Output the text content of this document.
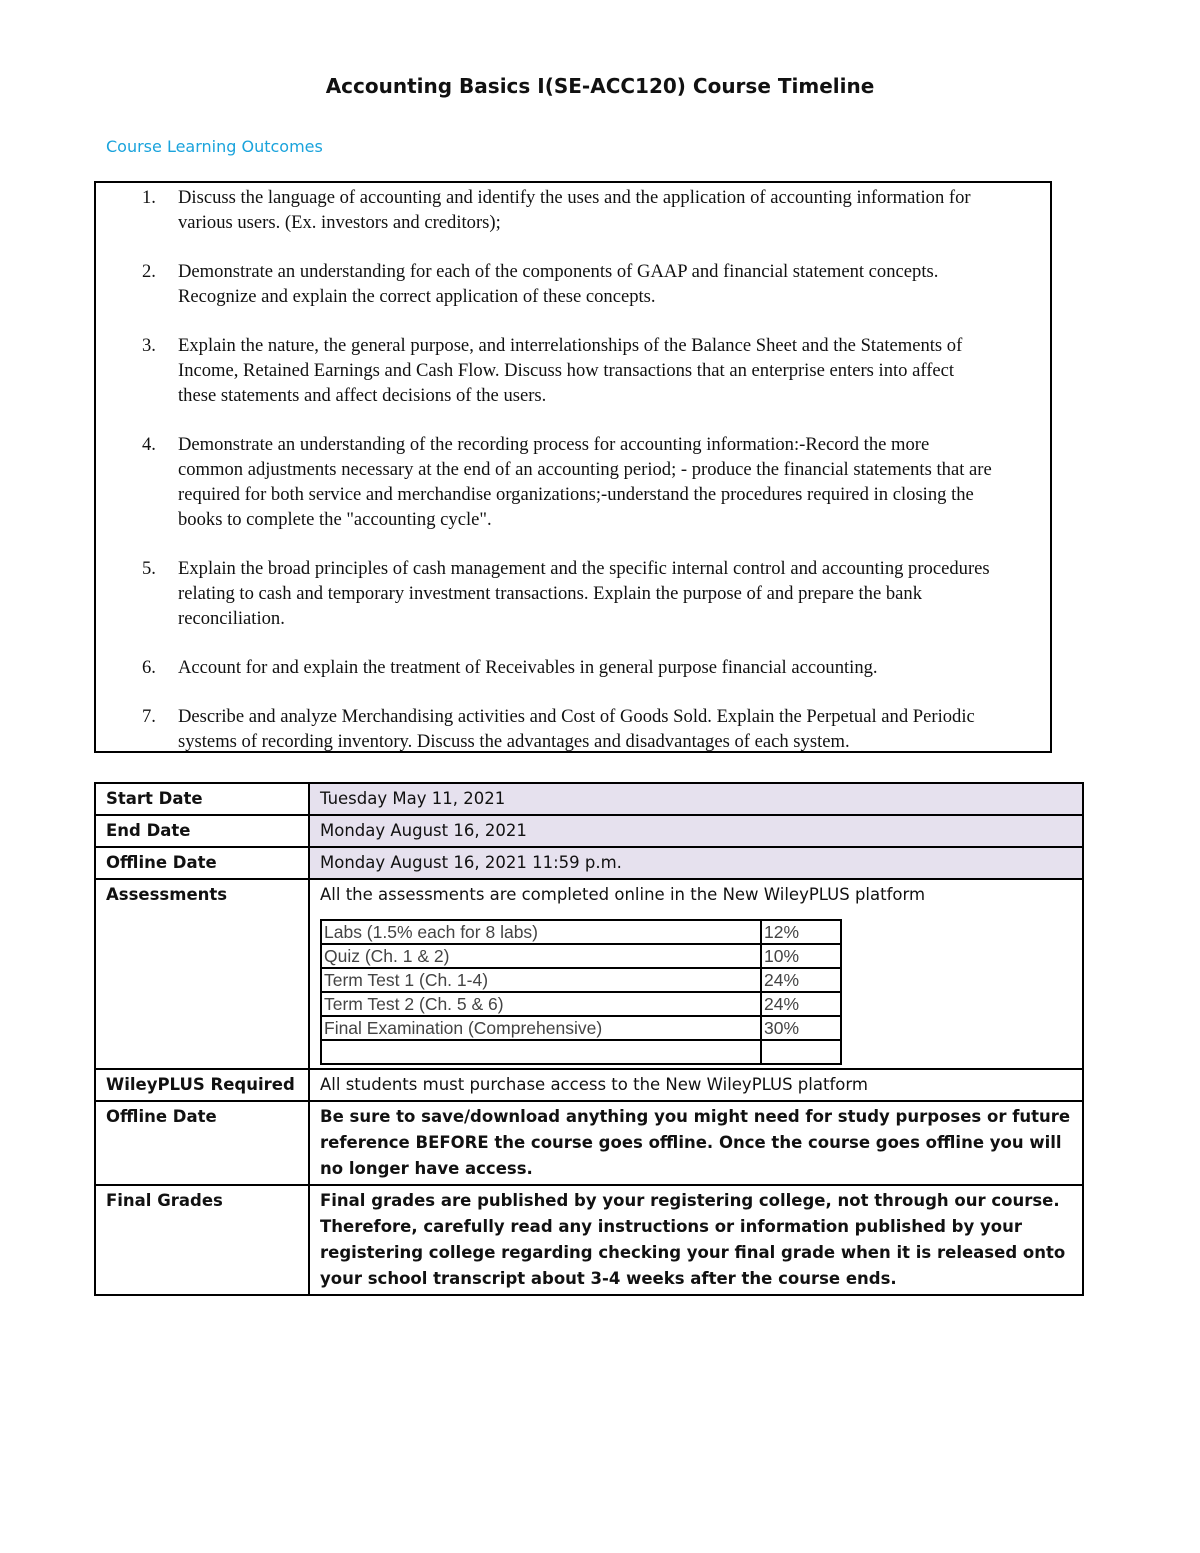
Accounting Basics I(SE-ACC120) Course Timeline
Course Learning Outcomes
1. Discuss the language of accounting and identify the uses and the application of accounting information for various users. (Ex. investors and creditors);
2. Demonstrate an understanding for each of the components of GAAP and financial statement concepts. Recognize and explain the correct application of these concepts.
3. Explain the nature, the general purpose, and interrelationships of the Balance Sheet and the Statements of Income, Retained Earnings and Cash Flow. Discuss how transactions that an enterprise enters into affect these statements and affect decisions of the users.
4. Demonstrate an understanding of the recording process for accounting information:-Record the more common adjustments necessary at the end of an accounting period; - produce the financial statements that are required for both service and merchandise organizations;-understand the procedures required in closing the books to complete the "accounting cycle".
5. Explain the broad principles of cash management and the specific internal control and accounting procedures relating to cash and temporary investment transactions. Explain the purpose of and prepare the bank reconciliation.
6. Account for and explain the treatment of Receivables in general purpose financial accounting.
7. Describe and analyze Merchandising activities and Cost of Goods Sold. Explain the Perpetual and Periodic systems of recording inventory. Discuss the advantages and disadvantages of each system.
Start Date	Tuesday May 11, 2021
End Date	Monday August 16, 2021
Offline Date	Monday August 16, 2021 11:59 p.m.
Assessments	All the assessments are completed online in the New WileyPLUS platform

Labs (1.5% each for 8 labs)	12%
Quiz (Ch. 1 & 2)	10%
Term Test 1 (Ch. 1-4)	24%
Term Test 2 (Ch. 5 & 6)	24%
Final Examination (Comprehensive)	30%

WileyPLUS Required	All students must purchase access to the New WileyPLUS platform
Offline Date	Be sure to save/download anything you might need for study purposes or future reference BEFORE the course goes offline. Once the course goes offline you will no longer have access.
Final Grades	Final grades are published by your registering college, not through our course. Therefore, carefully read any instructions or information published by your registering college regarding checking your final grade when it is released onto your school transcript about 3-4 weeks after the course ends.
